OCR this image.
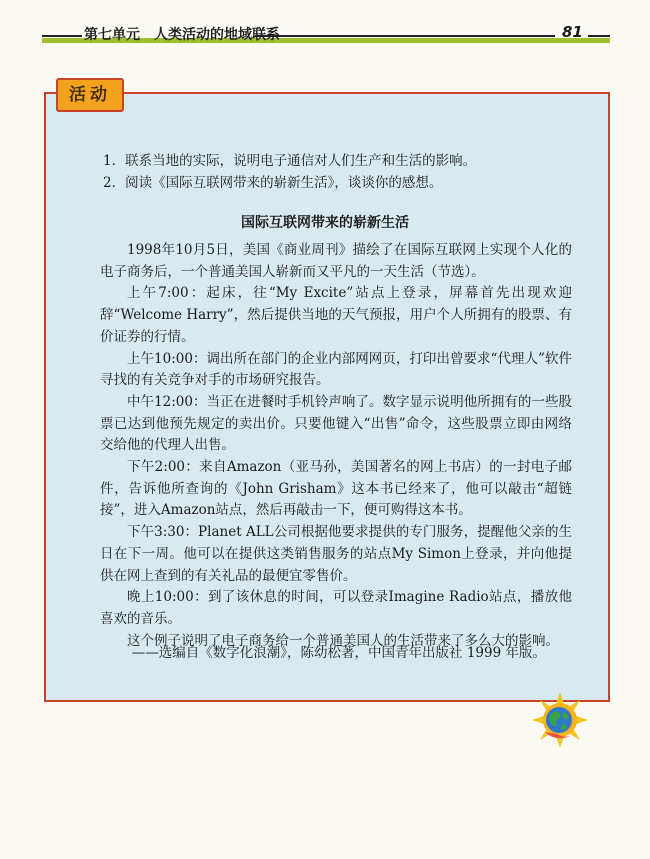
第七单元 人类活动的地域联系	81
活动
1．联系当地的实际，说明电子通信对人们生产和生活的影响。
2．阅读《国际互联网带来的崭新生活》，谈谈你的感想。
国际互联网带来的崭新生活

1998年10月5日，美国《商业周刊》描绘了在国际互联网上实现个人化的电子商务后，一个普通美国人崭新而又平凡的一天生活（节选）。

上午7:00：起床，往“My Excite”站点上登录，屏幕首先出现欢迎辞“Welcome Harry”，然后提供当地的天气预报，用户个人所拥有的股票、有价证券的行情。

上午10:00：调出所在部门的企业内部网网页，打印出曾要求“代理人”软件寻找的有关竞争对手的市场研究报告。

中午12:00：当正在进餐时手机铃声响了。数字显示说明他所拥有的一些股票已达到他预先规定的卖出价。只要他键入“出售”命令，这些股票立即由网络交给他的代理人出售。

下午2:00：来自Amazon（亚马孙，美国著名的网上书店）的一封电子邮件，告诉他所查询的《John Grisham》这本书已经来了，他可以敲击“超链接”，进入Amazon站点，然后再敲击一下，便可购得这本书。

下午3:30：Planet ALL公司根据他要求提供的专门服务，提醒他父亲的生日在下一周。他可以在提供这类销售服务的站点My Simon上登录，并向他提供在网上查到的有关礼品的最便宜零售价。

晚上10:00：到了该休息的时间，可以登录Imagine Radio站点，播放他喜欢的音乐。

这个例子说明了电子商务给一个普通美国人的生活带来了多么大的影响。

——选编自《数字化浪潮》，陈幼松著，中国青年出版社 1999 年版。
